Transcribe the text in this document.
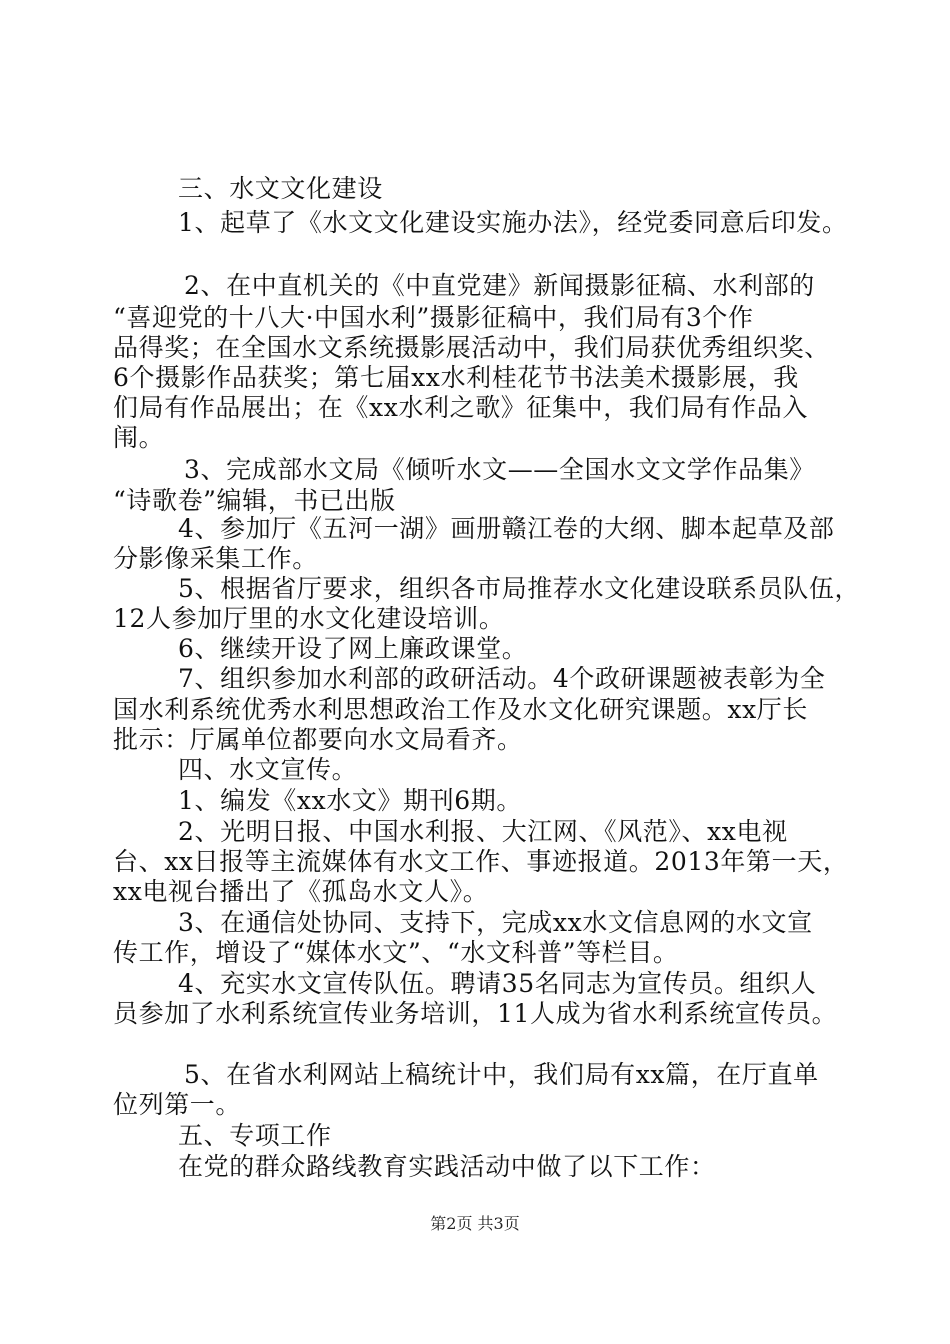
三、水文文化建设
1、起草了《水文文化建设实施办法》，经党委同意后印发。
2、在中直机关的《中直党建》新闻摄影征稿、水利部的
“喜迎党的十八大·中国水利”摄影征稿中，我们局有3个作
品得奖；在全国水文系统摄影展活动中，我们局获优秀组织奖、
6个摄影作品获奖；第七届xx水利桂花节书法美术摄影展，我
们局有作品展出；在《xx水利之歌》征集中，我们局有作品入
闱。
3、完成部水文局《倾听水文——全国水文文学作品集》
“诗歌卷”编辑，书已出版
4、参加厅《五河一湖》画册赣江卷的大纲、脚本起草及部
分影像采集工作。
5、根据省厅要求，组织各市局推荐水文化建设联系员队伍，
12人参加厅里的水文化建设培训。
6、继续开设了网上廉政课堂。
7、组织参加水利部的政研活动。4个政研课题被表彰为全
国水利系统优秀水利思想政治工作及水文化研究课题。xx厅长
批示：厅属单位都要向水文局看齐。
四、水文宣传。
1、编发《xx水文》期刊6期。
2、光明日报、中国水利报、大江网、《风范》、xx电视
台、xx日报等主流媒体有水文工作、事迹报道。2013年第一天，
xx电视台播出了《孤岛水文人》。
3、在通信处协同、支持下，完成xx水文信息网的水文宣
传工作，增设了“媒体水文”、“水文科普”等栏目。
4、充实水文宣传队伍。聘请35名同志为宣传员。组织人
员参加了水利系统宣传业务培训，11人成为省水利系统宣传员。
5、在省水利网站上稿统计中，我们局有xx篇，在厅直单
位列第一。
五、专项工作
在党的群众路线教育实践活动中做了以下工作：
第2页 共3页
